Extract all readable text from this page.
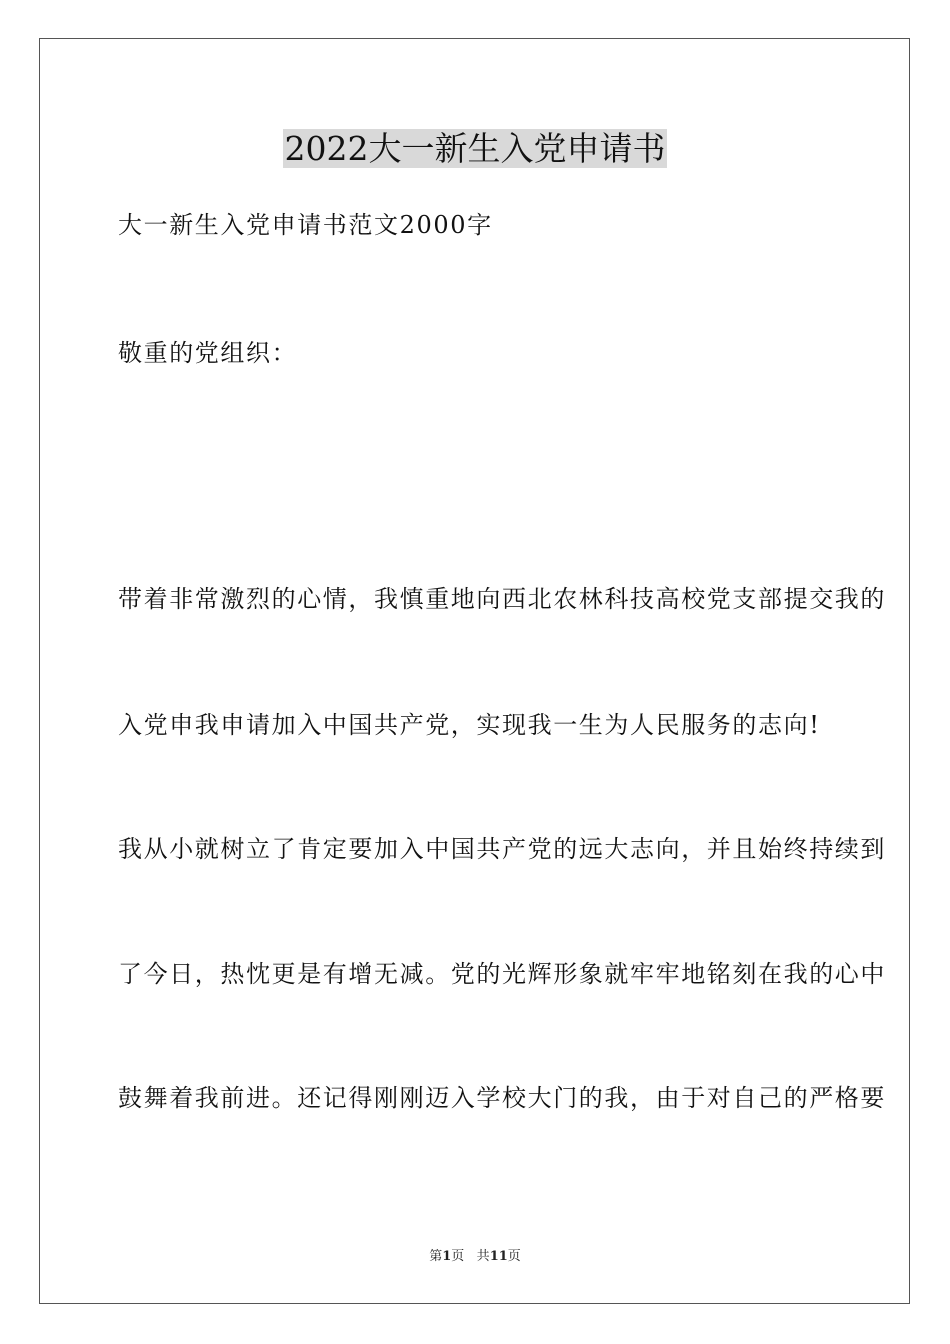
2022大一新生入党申请书
大一新生入党申请书范文2000字
敬重的党组织：
带着非常激烈的心情，我慎重地向西北农林科技高校党支部提交我的
入党申我申请加入中国共产党，实现我一生为人民服务的志向!
我从小就树立了肯定要加入中国共产党的远大志向，并且始终持续到
了今日，热忱更是有增无减。党的光辉形象就牢牢地铭刻在我的心中
鼓舞着我前进。还记得刚刚迈入学校大门的我，由于对自己的严格要
第1页 共11页
